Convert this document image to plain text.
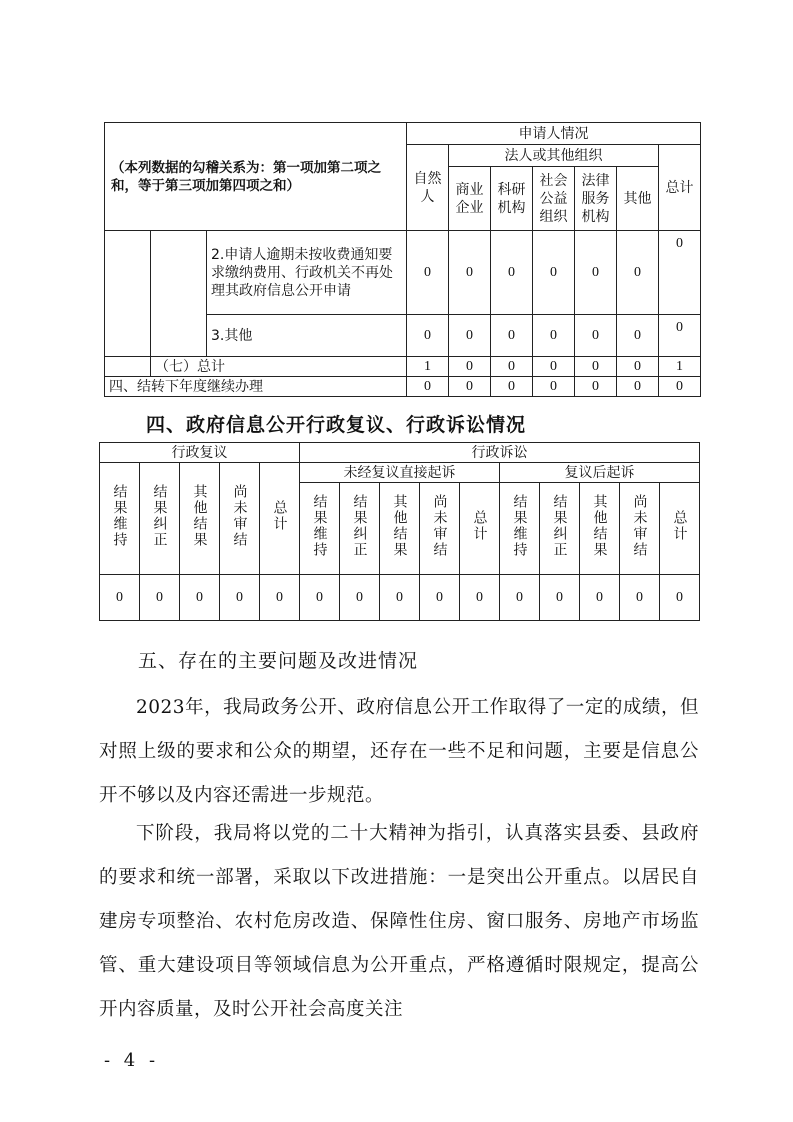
（本列数据的勾稽关系为：第一项加第二项之和，等于第三项加第四项之和）			申请人情况						
			自然人	法人或其他组织					总计
				商业企业	科研机构	社会公益组织	法律服务机构	其他	
		2.申请人逾期未按收费通知要求缴纳费用、行政机关不再处理其政府信息公开申请	0	0	0	0	0	0	0
		3.其他	0	0	0	0	0	0	0
	（七）总计		1	0	0	0	0	0	1
四、结转下年度继续办理			0	0	0	0	0	0	0
四、政府信息公开行政复议、行政诉讼情况
行政复议					行政诉讼									
结果维持	结果纠正	其他结果	尚未审结	总计	未经复议直接起诉					复议后起诉				
					结果维持	结果纠正	其他结果	尚未审结	总计	结果维持	结果纠正	其他结果	尚未审结	总计
0	0	0	0	0	0	0	0	0	0	0	0	0	0	0
五、存在的主要问题及改进情况
2023年，我局政务公开、政府信息公开工作取得了一定的成绩，但对照上级的要求和公众的期望，还存在一些不足和问题，主要是信息公开不够以及内容还需进一步规范。
下阶段，我局将以党的二十大精神为指引，认真落实县委、县政府的要求和统一部署，采取以下改进措施：一是突出公开重点。以居民自建房专项整治、农村危房改造、保障性住房、窗口服务、房地产市场监管、重大建设项目等领域信息为公开重点，严格遵循时限规定，提高公开内容质量，及时公开社会高度关注
- 4 -
